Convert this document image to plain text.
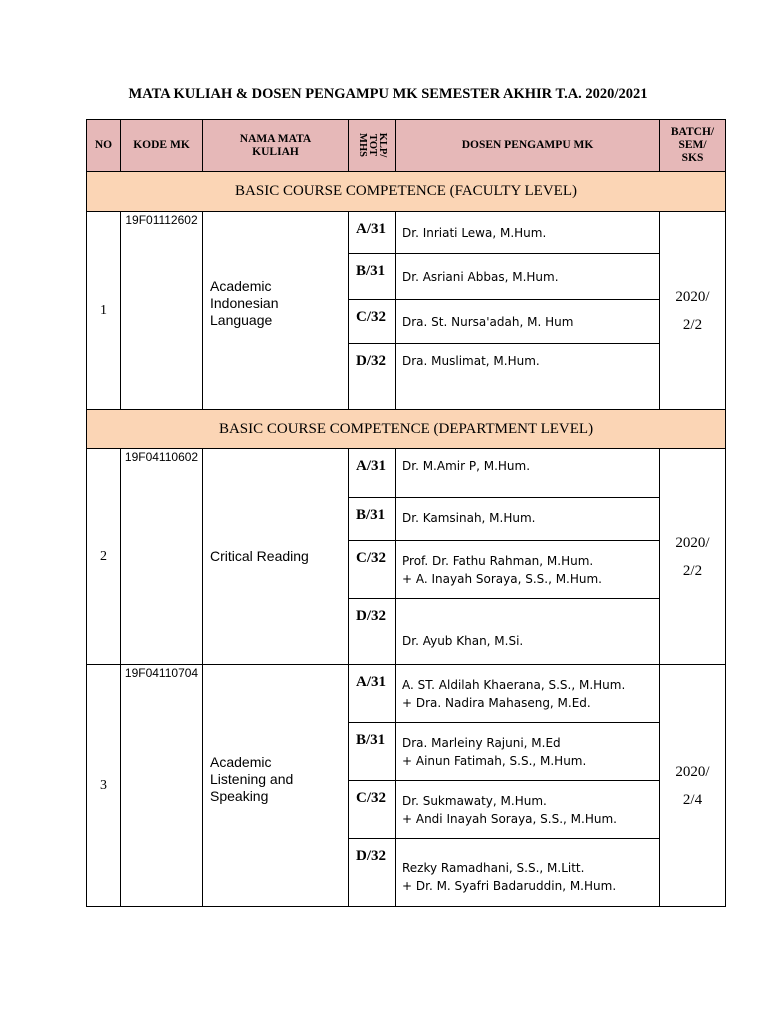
MATA KULIAH & DOSEN PENGAMPU MK SEMESTER AKHIR T.A. 2020/2021
NO	KODE MK	NAMA MATA KULIAH	KLP/ TOT MHS	DOSEN PENGAMPU MK	BATCH/ SEM/ SKS
BASIC COURSE COMPETENCE (FACULTY LEVEL)					
1	19F01112602	Academic Indonesian Language	A/31	Dr. Inriati Lewa, M.Hum.	2020/
2/2

			B/31	Dr. Asriani Abbas, M.Hum.	

			C/32	Dra. St. Nursa'adah, M. Hum	

			D/32	Dra. Muslimat, M.Hum.	

BASIC COURSE COMPETENCE (DEPARTMENT LEVEL)					
2	19F04110602	Critical Reading	A/31	Dr. M.Amir P, M.Hum.	2020/
2/2

			B/31	Dr. Kamsinah, M.Hum.	

			C/32	Prof. Dr. Fathu Rahman, M.Hum.
+ A. Inayah Soraya, S.S., M.Hum.	

			D/32	Dr. Ayub Khan, M.Si.	

3	19F04110704	Academic Listening and Speaking	A/31	A. ST. Aldilah Khaerana, S.S., M.Hum.
+ Dra. Nadira Mahaseng, M.Ed.	2020/
2/4

			B/31	Dra. Marleiny Rajuni, M.Ed
+ Ainun Fatimah, S.S., M.Hum.	

			C/32	Dr. Sukmawaty, M.Hum.
+ Andi Inayah Soraya, S.S., M.Hum.	

			D/32	Rezky Ramadhani, S.S., M.Litt.
+ Dr. M. Syafri Badaruddin, M.Hum.	
